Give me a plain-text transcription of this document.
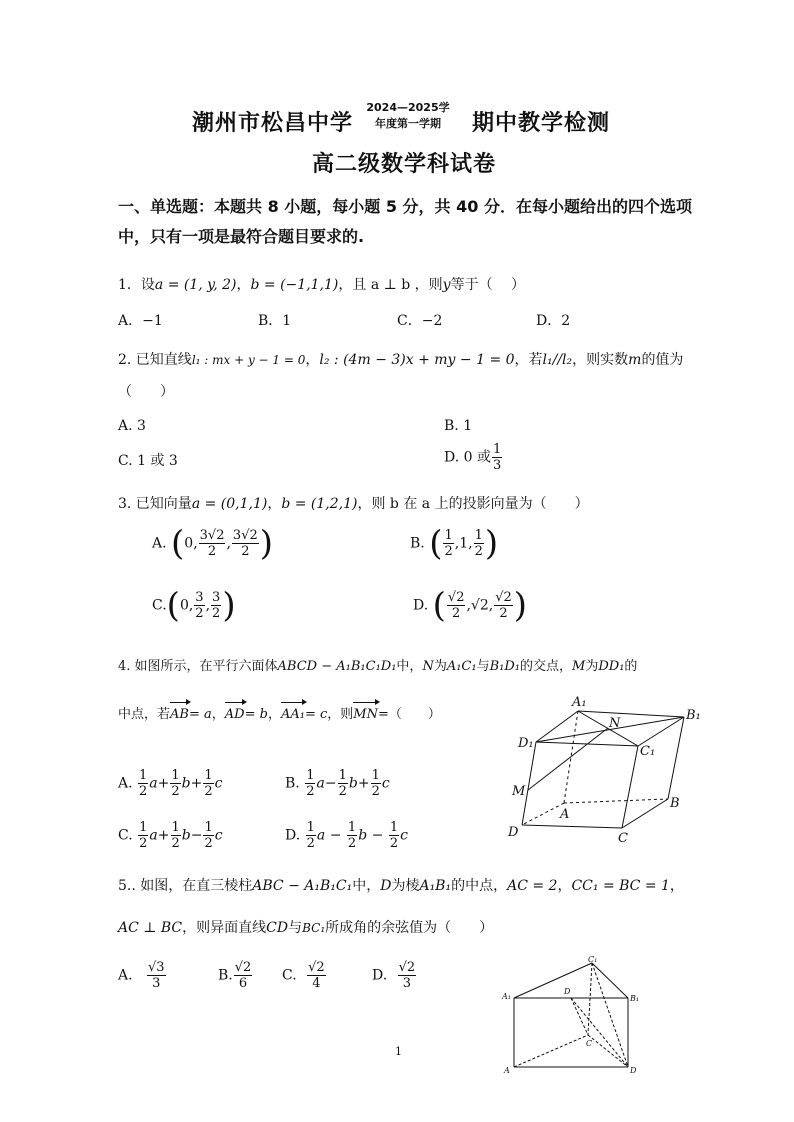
潮州市松昌中学
2024—2025学
年度第一学期	期中教学检测
高二级数学科试卷
一、单选题：本题共 8 小题，每小题 5 分，共 40 分．在每小题给出的四个选项
中，只有一项是最符合题目要求的.
1．设a = (1, y, 2)，b = (−1,1,1)，且 a ⊥ b ，则y等于（　 ）
A．−1	B．1	C．−2	D．2
2. 已知直线l₁ : mx + y − 1 = 0，l₂ : (4m − 3)x + my − 1 = 0，若l₁//l₂，则实数m的值为
（　　）
A. 3	B. 1
C. 1 或 3	D. 0 或 $\frac{1}{3}$
3. 已知向量a = (0,1,1)，b = (1,2,1)，则 b 在 a 上的投影向量为（　　）
A. (0, $\frac{3√2}{2}$ , $\frac{3√2}{2}$ )	B. ( $\frac{1}{2} ,1$, $\frac{1}{2}$ )
C.(0, $\frac{3}{2}$ , $\frac{3}{2}$ )	D. ( $\frac{√2}{2} ,√2$, $\frac{√2}{2}$ )
4. 如图所示，在平行六面体ABCD − A₁B₁C₁D₁中，N为A₁C₁与B₁D₁的交点，M为DD₁的
中点，若AB= a，AD= b，AA₁= c，则MN=（　　）
A. $\frac{1}{2} a+ \frac{1}{2} b+ \frac{1}{2}$ c	B. $\frac{1}{2} a- \frac{1}{2} b+ \frac{1}{2}$ c
C. $\frac{1}{2} a+ \frac{1}{2} b- \frac{1}{2}$ c	D. $\frac{1}{2}$ $a - \frac{1}{2}$ $b - \frac{1}{2}$ c
A₁
N
B₁
D₁
C₁
M
A
B
D	C
5.. 如图，在直三棱柱ABC − A₁B₁C₁中，D为棱A₁B₁的中点，AC = 2，CC₁ = BC = 1，
AC ⊥ BC，则异面直线CD与BC₁所成角的余弦值为（　　）
A. $\frac{√3}{3}$	B. $\frac{√2}{6} C$. $\frac{√2}{4}$	D. $\frac{√2}{3}$
C₁
A₁
D
B₁
C
A	D
1
